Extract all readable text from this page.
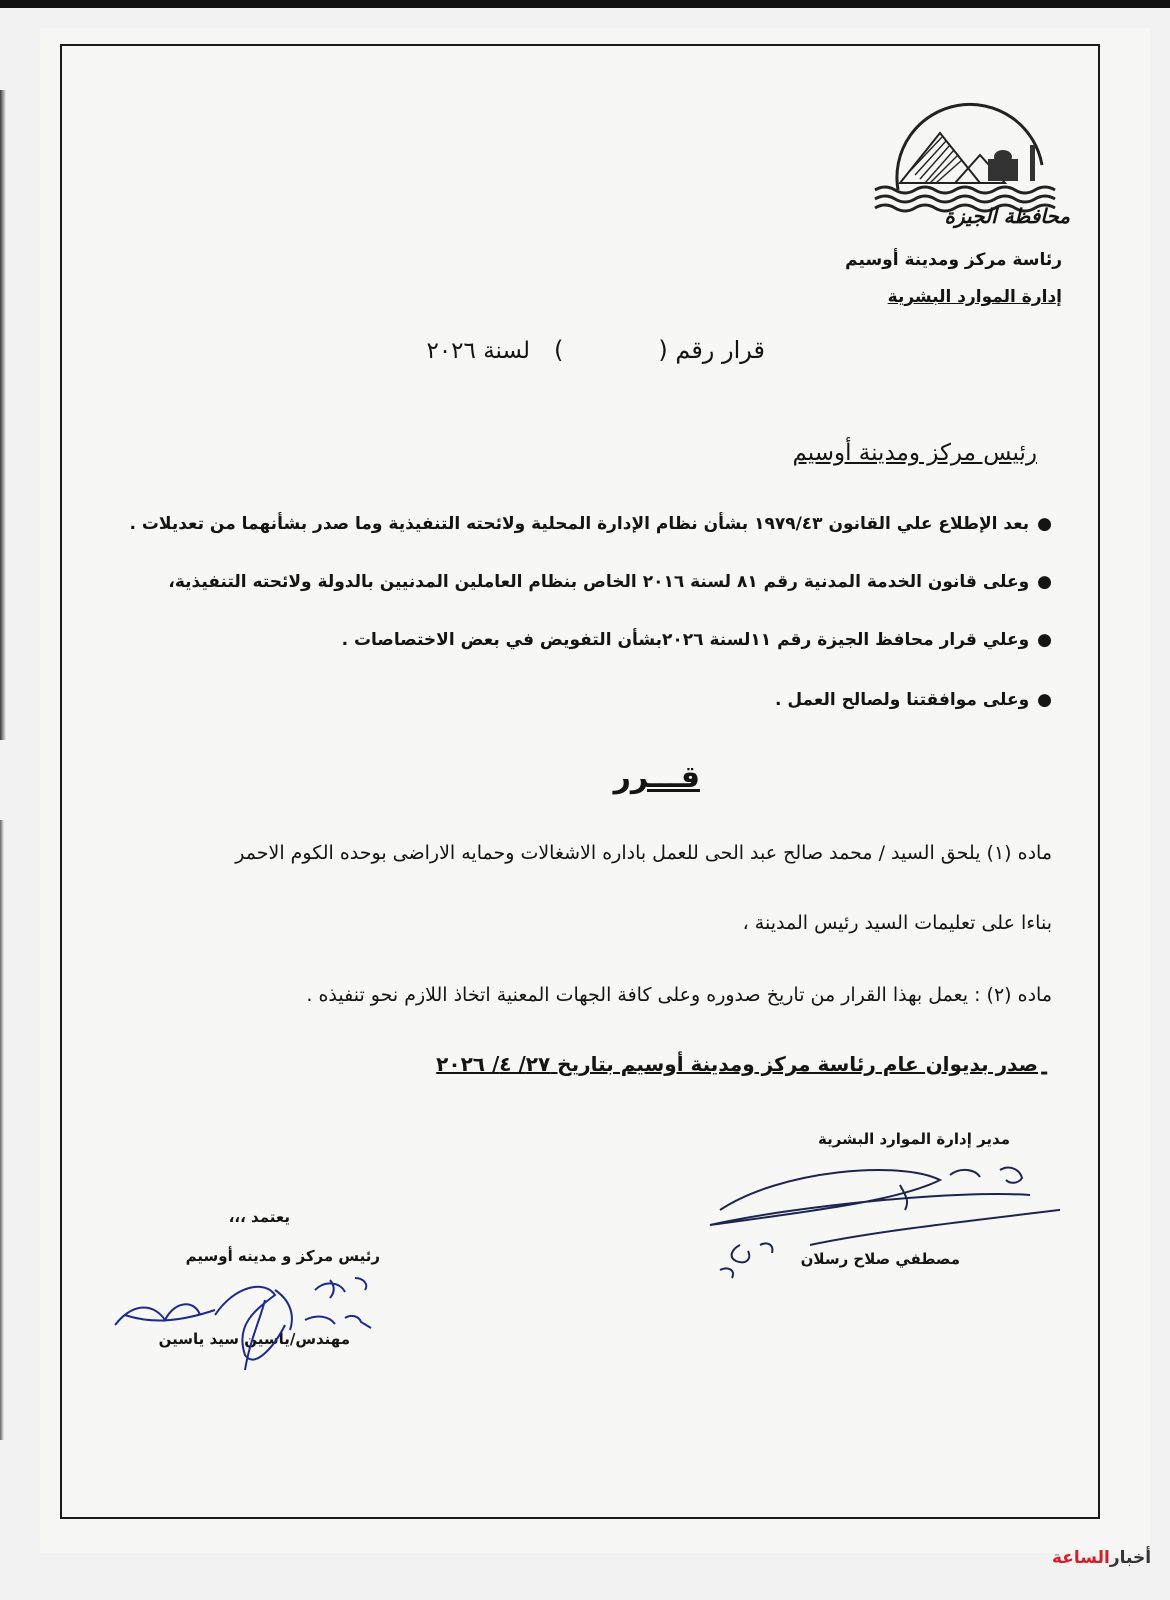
محافظة الجيزة
رئاسة مركز ومدينة أوسيم
إدارة الموارد البشرية
قرار رقم ()
لسنة ٢٠٢٦
رئيس مركز ومدينة أوسيم
●بعد الإطلاع علي القانون ١٩٧٩/٤٣ بشأن نظام الإدارة المحلية ولائحته التنفيذية وما صدر بشأنهما من تعديلات .
●وعلى قانون الخدمة المدنية رقم ٨١ لسنة ٢٠١٦ الخاص بنظام العاملين المدنيين بالدولة ولائحته التنفيذية،
●وعلي قرار محافظ الجيزة رقم ١١لسنة ٢٠٢٦بشأن التفويض في بعض الاختصاصات .
●وعلى موافقتنا ولصالح العمل .
قـــرر
ماده (١) يلحق السيد / محمد صالح عبد الحى للعمل باداره الاشغالات وحمايه الاراضى بوحده الكوم الاحمر
بناءا على تعليمات السيد رئيس المدينة ،
ماده (٢) : يعمل بهذا القرار من تاريخ صدوره وعلى كافة الجهات المعنية اتخاذ اللازم نحو تنفيذه .
صدر بديوان عام رئاسة مركز ومدينة أوسيم بتاريخ ٢٧/ ٤/ ٢٠٢٦ -
مدير إدارة الموارد البشرية
مصطفي صلاح رسلان
يعتمد ،،،
رئيس مركز و مدينه أوسيم
مهندس/ياسين سيد ياسين
أخبارالساعة
